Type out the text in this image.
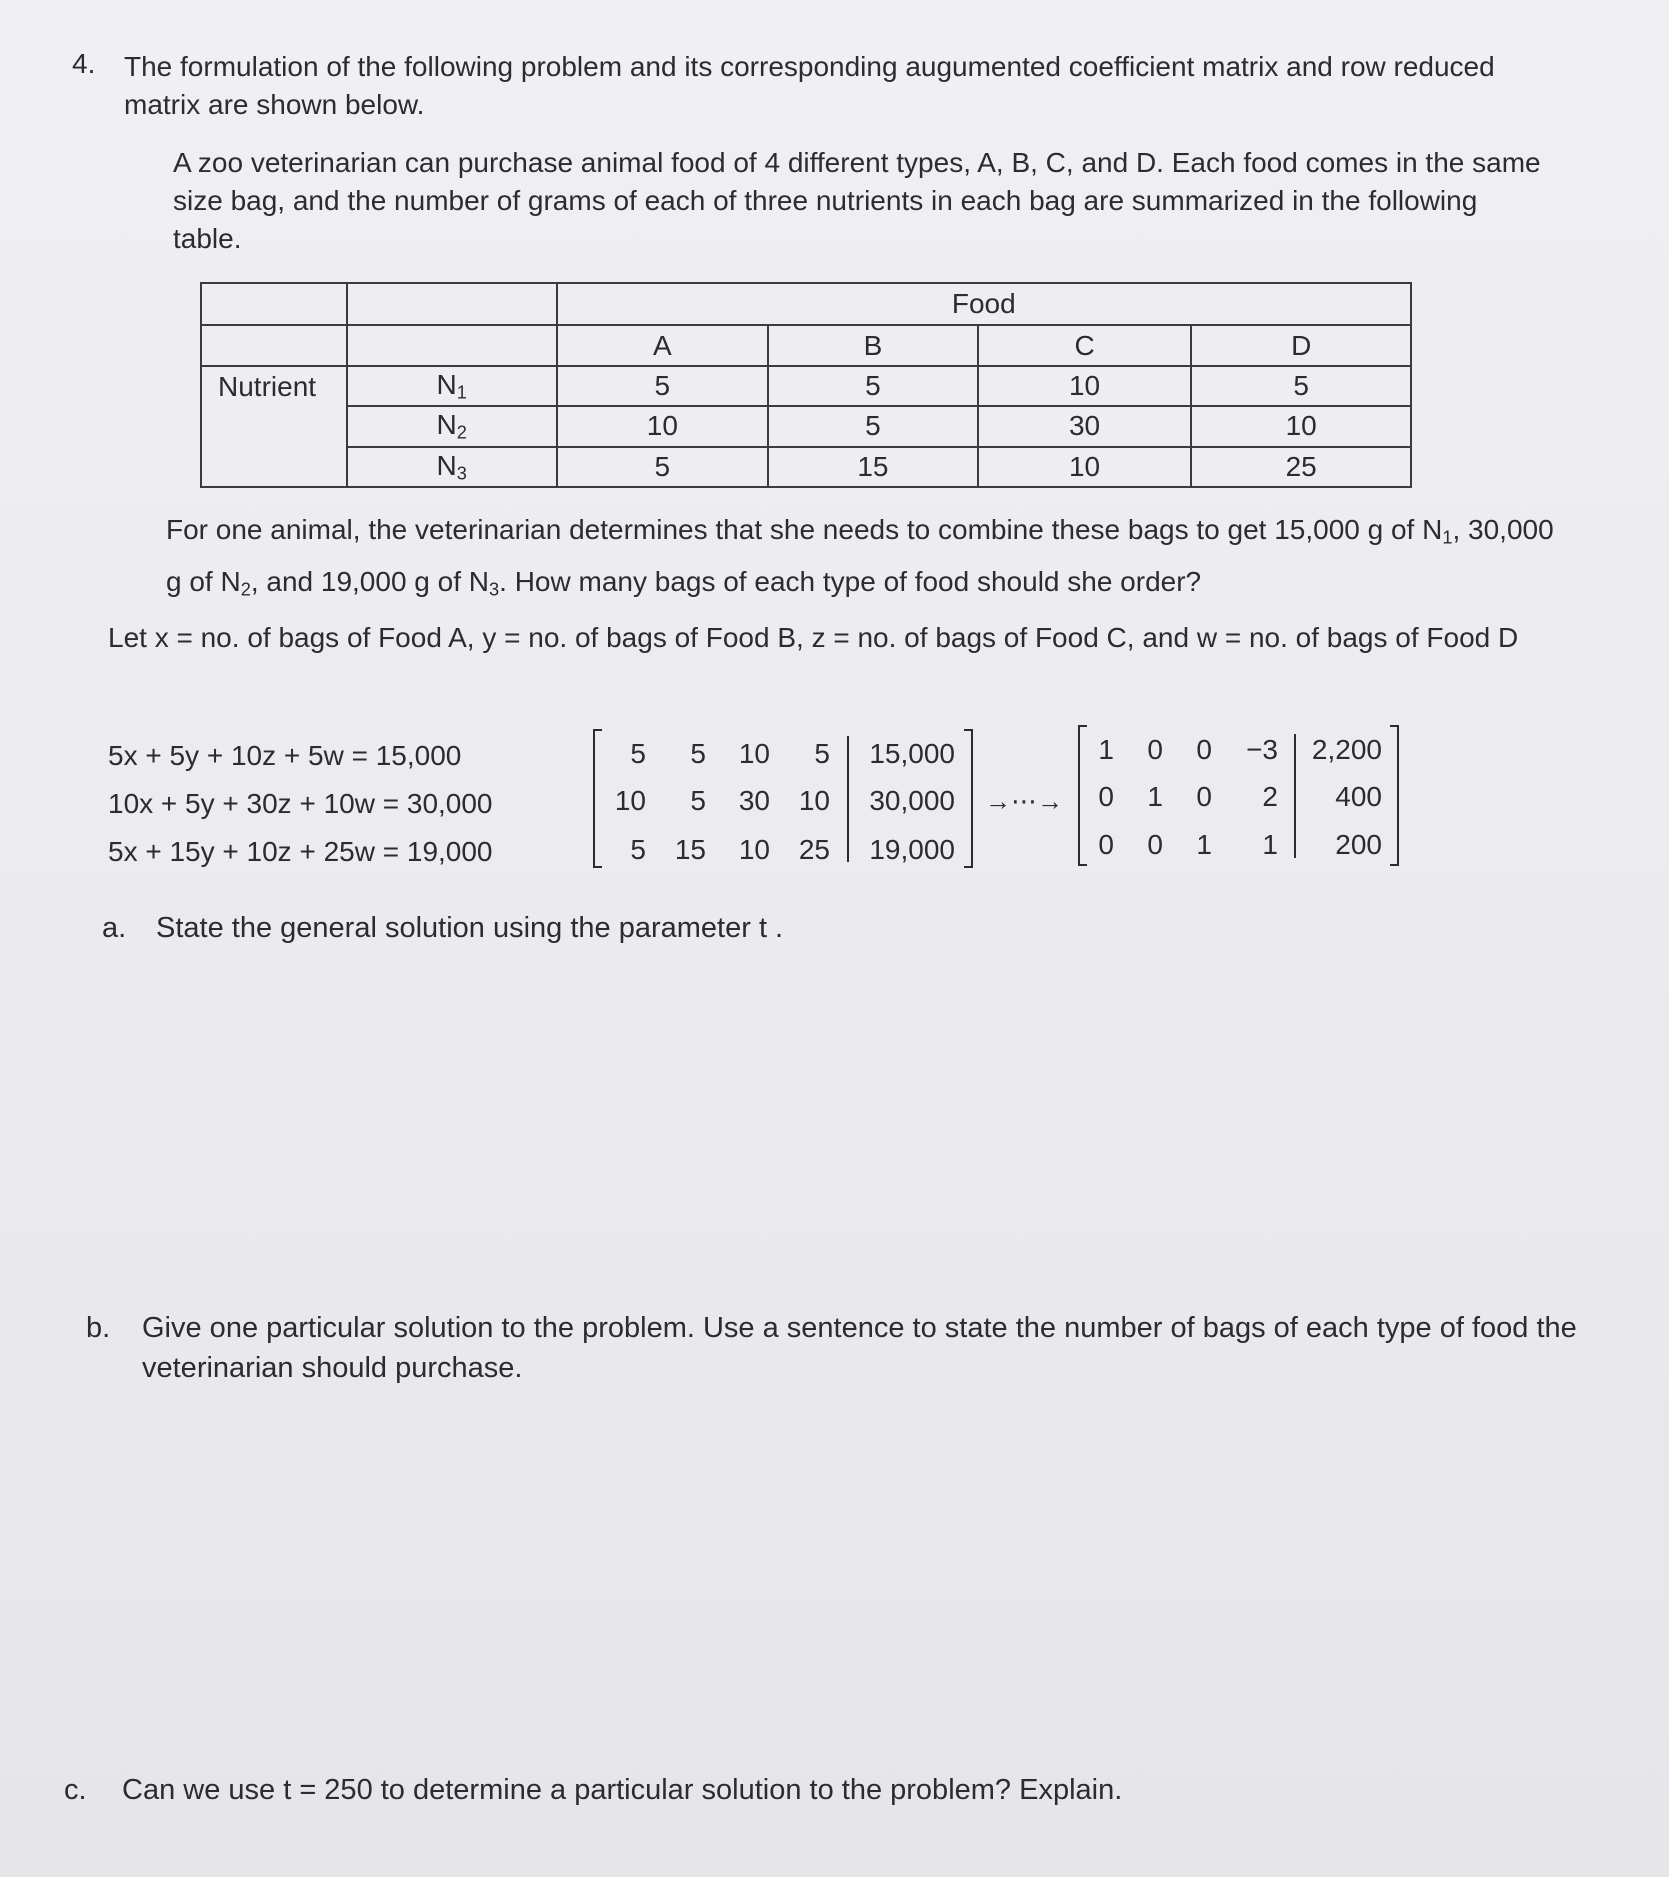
4. The formulation of the following problem and its corresponding augumented coefficient matrix and row reduced matrix are shown below.
A zoo veterinarian can purchase animal food of 4 different types, A, B, C, and D. Each food comes in the same size bag, and the number of grams of each of three nutrients in each bag are summarized in the following table.
		Food			
		A	B	C	D
Nutrient	$N_1$	5	5	10	5
	$N_2$	10	5	30	10
	$N_3$	5	15	10	25
For one animal, the veterinarian determines that she needs to combine these bags to get 15,000 g of $N_1$, 30,000 g of $N_2$, and 19,000 g of $N_3$. How many bags of each type of food should she order?
Let x = no. of bags of Food A, y = no. of bags of Food B, z = no. of bags of Food C, and w = no. of bags of Food D
5x + 5y + 10z + 5w = 15,000
10x + 5y + 30z + 10w = 30,000
5x + 15y + 10z + 25w = 19,000
5 5 10 5 15,000
10 5 30 10 30,000
5 15 10 25 19,000
→⋯→
1 0 0 −3 2,200
0 1 0 2 400
0 0 1 1 200
a. State the general solution using the parameter t .
b. Give one particular solution to the problem. Use a sentence to state the number of bags of each type of food the veterinarian should purchase.
c. Can we use t = 250 to determine a particular solution to the problem? Explain.
